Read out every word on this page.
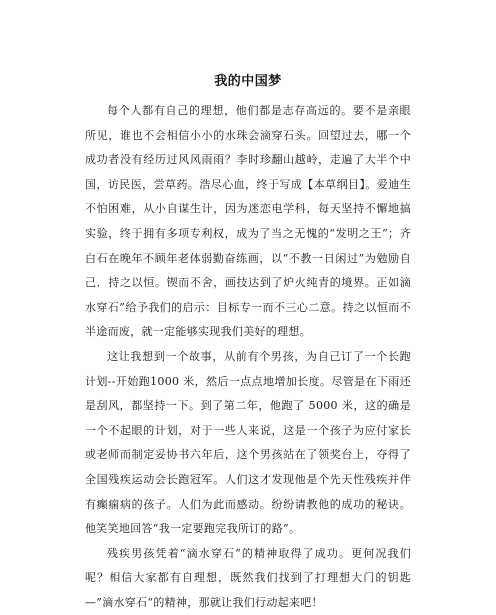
我的中国梦

每个人都有自己的理想，他们都是志存高远的。要不是亲眼所见，谁也不会相信小小的水珠会滴穿石头。回望过去，哪一个成功者没有经历过风风雨雨？李时珍翻山越岭，走遍了大半个中国，访民医，尝草药。浩尽心血，终于写成【本草纲目】。爱迪生不怕困难，从小自谋生计，因为迷恋电学科，每天坚持不懈地搞实验，终于拥有多项专利权，成为了当之无愧的“发明之王”；齐白石在晚年不顾年老体弱勤奋练画，以“不教一日闲过”为勉励自己．持之以恒。锲而不舍，画技达到了炉火纯青的境界。正如滴水穿石”给予我们的启示：目标专一而不三心二意。持之以恒而不半途而废，就一定能够实现我们美好的理想。

这让我想到一个故事，从前有个男孩，为自己订了一个长跑计划--开始跑1000 米，然后一点点地增加长度。尽管是在下雨还是刮风，都坚持一下。到了第二年，他跑了 5000 米，这的确是一个不起眼的计划，对于一些人来说，这是一个孩子为应付家长或老师而制定妥协书六年后，这个男孩站在了领奖台上，夺得了全国残疾运动会长跑冠军。人们这才发现他是个先天性残疾并伴有癫痫病的孩子。人们为此而感动。纷纷请教他的成功的秘诀。他笑笑地回答“我一定要跑完我所订的路”。

残疾男孩凭着“滴水穿石“的精神取得了成功。更何况我们呢？相信大家都有自理想，既然我们找到了打理想大门的钥匙—”滴水穿石“的精神，那就让我们行动起来吧！
